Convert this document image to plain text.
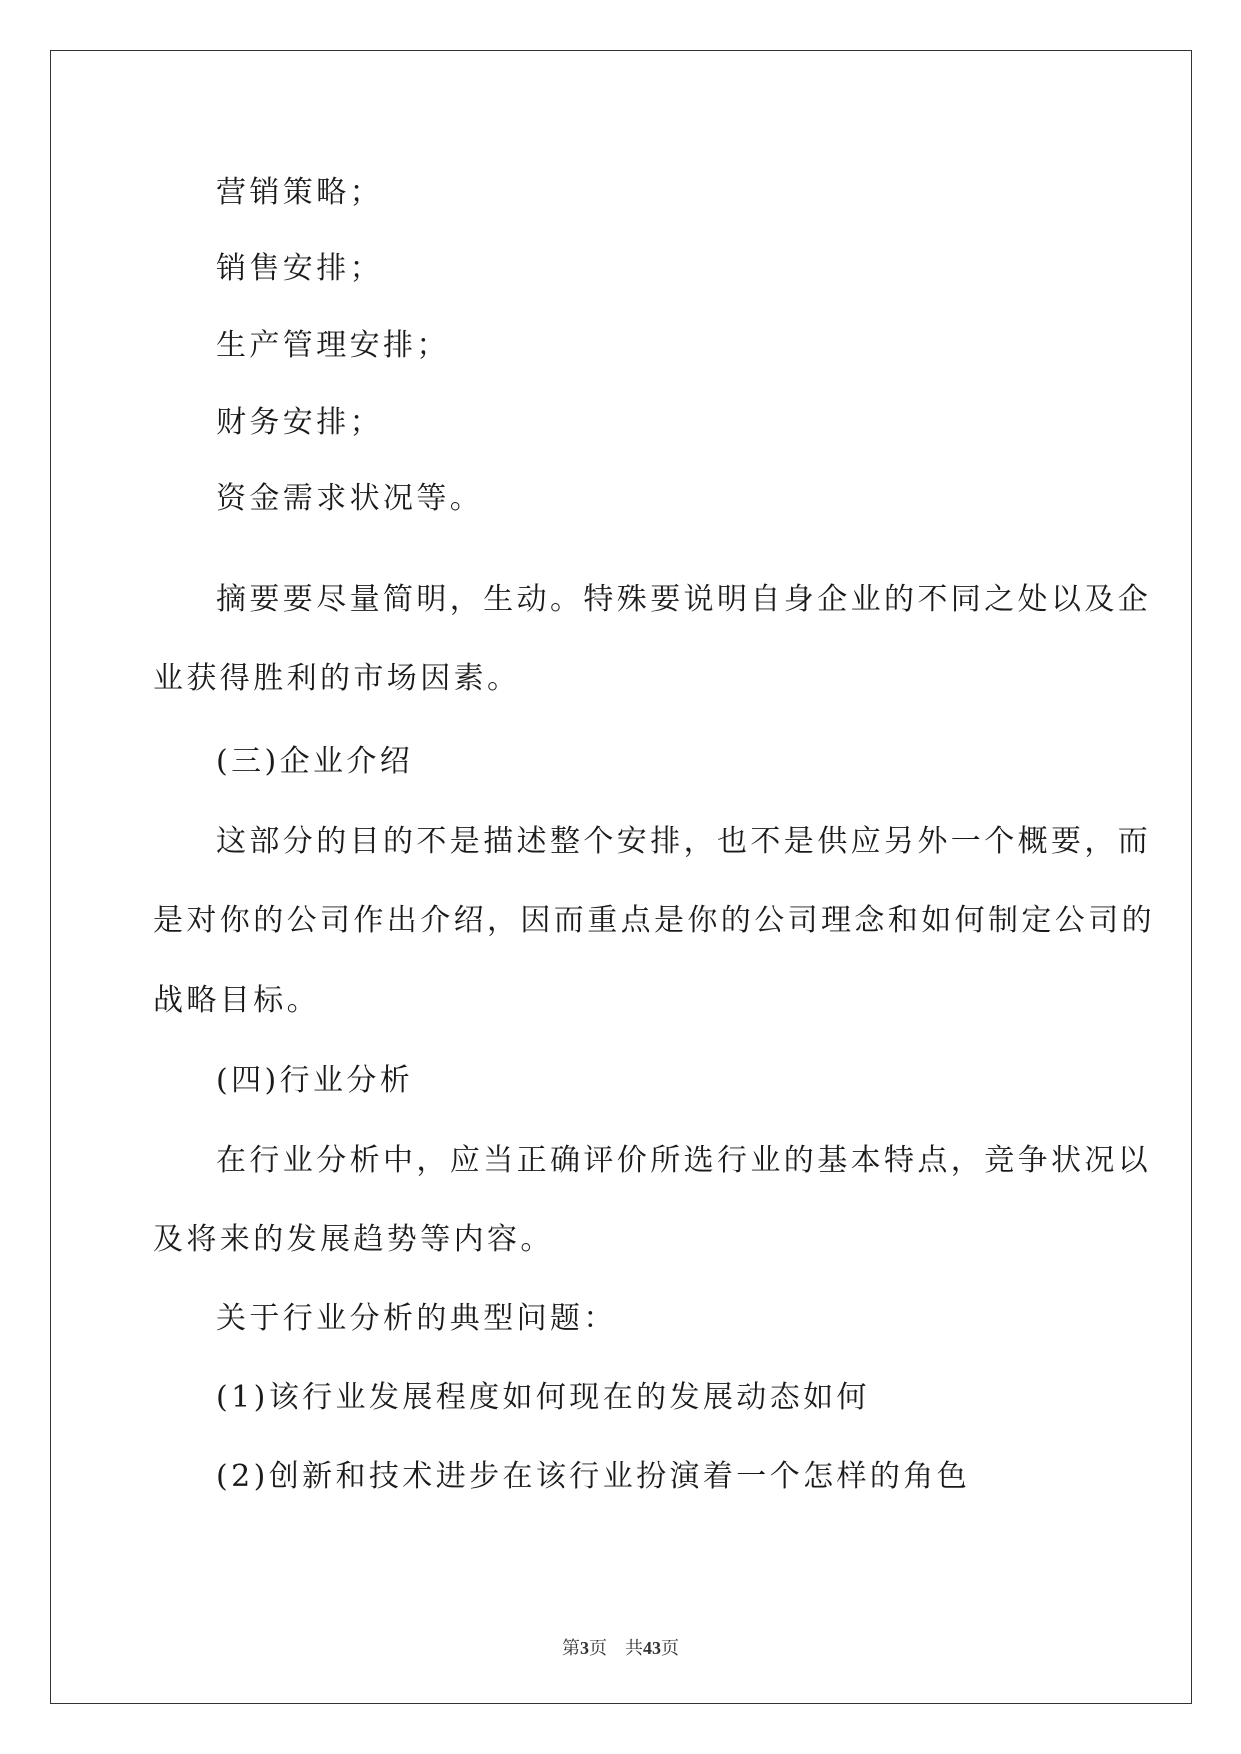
营销策略；
销售安排；
生产管理安排；
财务安排；
资金需求状况等。
摘要要尽量简明，生动。特殊要说明自身企业的不同之处以及企
业获得胜利的市场因素。
(三)企业介绍
这部分的目的不是描述整个安排，也不是供应另外一个概要，而
是对你的公司作出介绍，因而重点是你的公司理念和如何制定公司的
战略目标。
(四)行业分析
在行业分析中，应当正确评价所选行业的基本特点，竞争状况以
及将来的发展趋势等内容。
关于行业分析的典型问题：
(1)该行业发展程度如何现在的发展动态如何
(2)创新和技术进步在该行业扮演着一个怎样的角色
第3页 共43页
